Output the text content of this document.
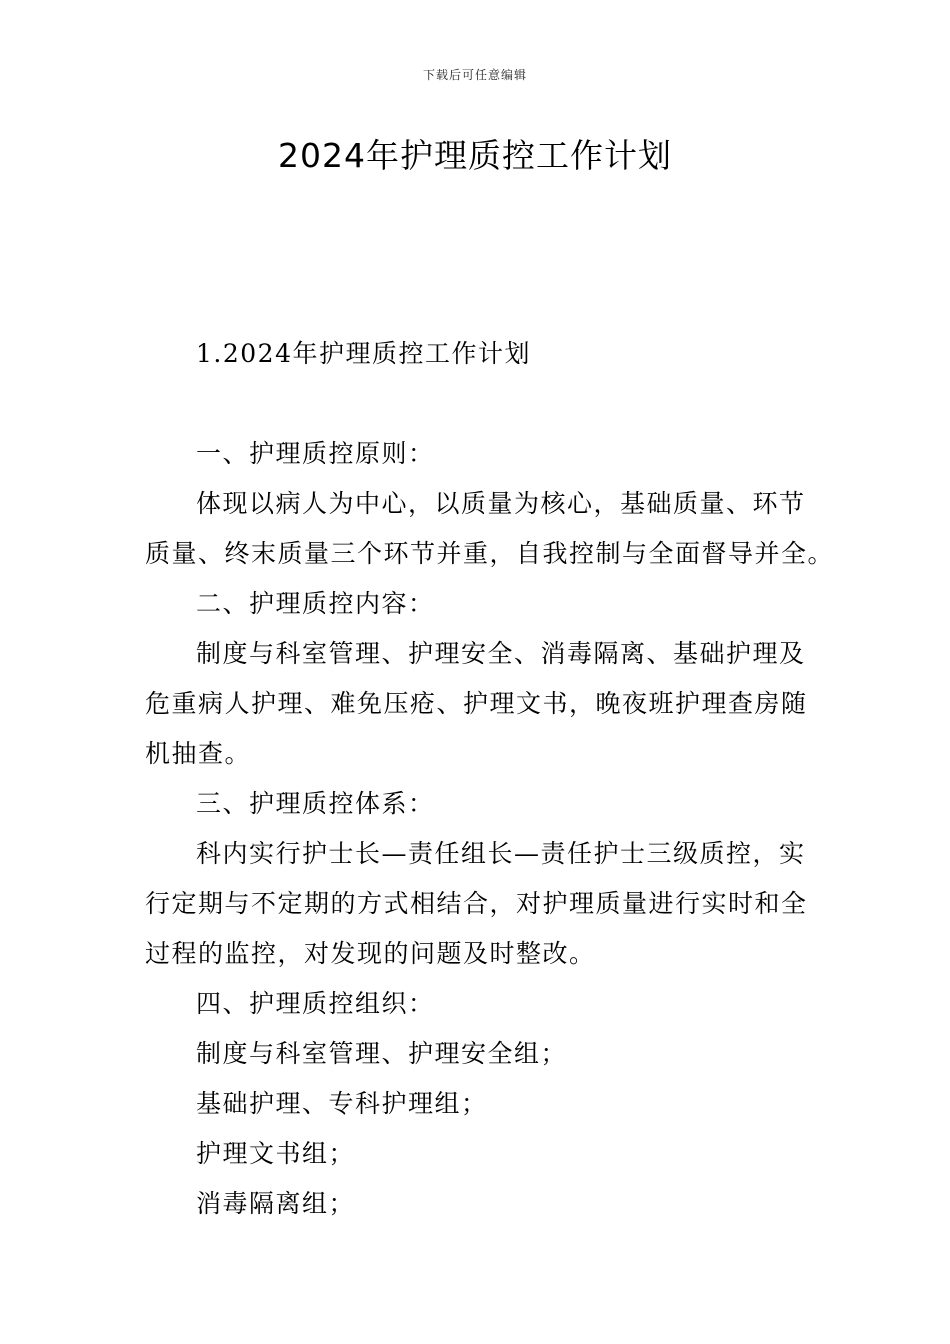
下载后可任意编辑
2024年护理质控工作计划
1.2024年护理质控工作计划
一、护理质控原则：
体现以病人为中心，以质量为核心，基础质量、环节
质量、终末质量三个环节并重，自我控制与全面督导并全。
二、护理质控内容：
制度与科室管理、护理安全、消毒隔离、基础护理及
危重病人护理、难免压疮、护理文书，晚夜班护理查房随
机抽查。
三、护理质控体系：
科内实行护士长—责任组长—责任护士三级质控，实
行定期与不定期的方式相结合，对护理质量进行实时和全
过程的监控，对发现的问题及时整改。
四、护理质控组织：
制度与科室管理、护理安全组；
基础护理、专科护理组；
护理文书组；
消毒隔离组；
